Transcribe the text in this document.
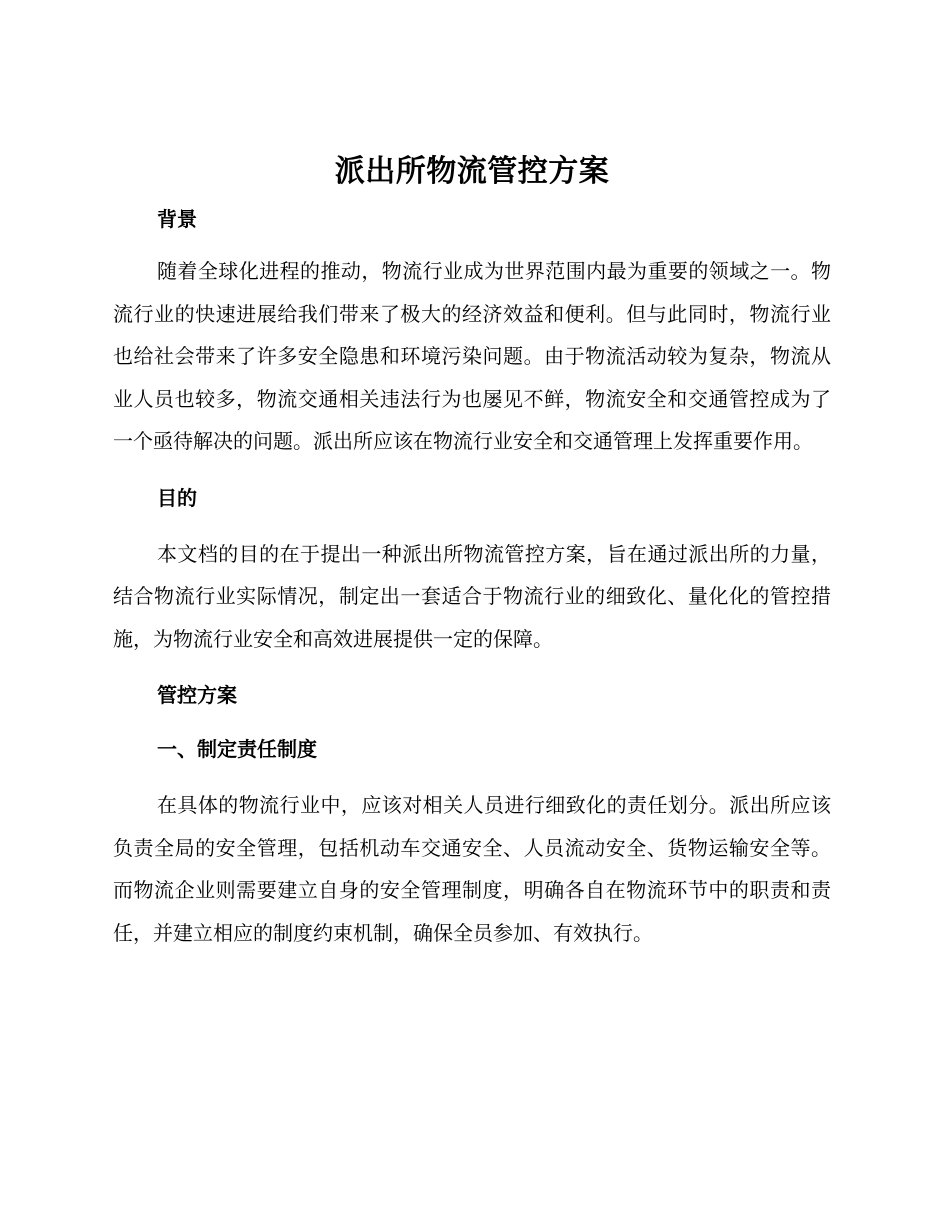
派出所物流管控方案
背景

随着全球化进程的推动，物流行业成为世界范围内最为重要的领域之一。物流行业的快速进展给我们带来了极大的经济效益和便利。但与此同时，物流行业也给社会带来了许多安全隐患和环境污染问题。由于物流活动较为复杂，物流从业人员也较多，物流交通相关违法行为也屡见不鲜，物流安全和交通管控成为了一个亟待解决的问题。派出所应该在物流行业安全和交通管理上发挥重要作用。

目的

本文档的目的在于提出一种派出所物流管控方案，旨在通过派出所的力量，结合物流行业实际情况，制定出一套适合于物流行业的细致化、量化化的管控措施，为物流行业安全和高效进展提供一定的保障。

管控方案
一、制定责任制度

在具体的物流行业中，应该对相关人员进行细致化的责任划分。派出所应该负责全局的安全管理，包括机动车交通安全、人员流动安全、货物运输安全等。而物流企业则需要建立自身的安全管理制度，明确各自在物流环节中的职责和责任，并建立相应的制度约束机制，确保全员参加、有效执行。
